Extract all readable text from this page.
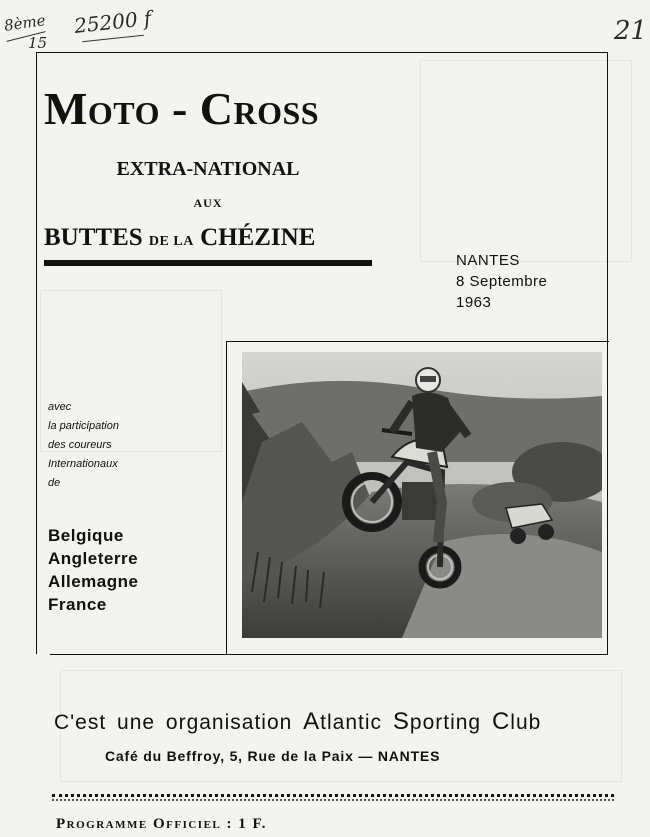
8ème
15
25200 f	21
Moto - Cross
EXTRA-NATIONAL
AUX
BUTTES DE LA CHÉZINE
NANTES
8 Septembre
1963
avec
la participation
des coureurs
Internationaux
de
Belgique
Angleterre
Allemagne
France
C'est une organisation Atlantic Sporting Club
Café du Beffroy, 5, Rue de la Paix — NANTES
Programme Officiel : 1 F.
